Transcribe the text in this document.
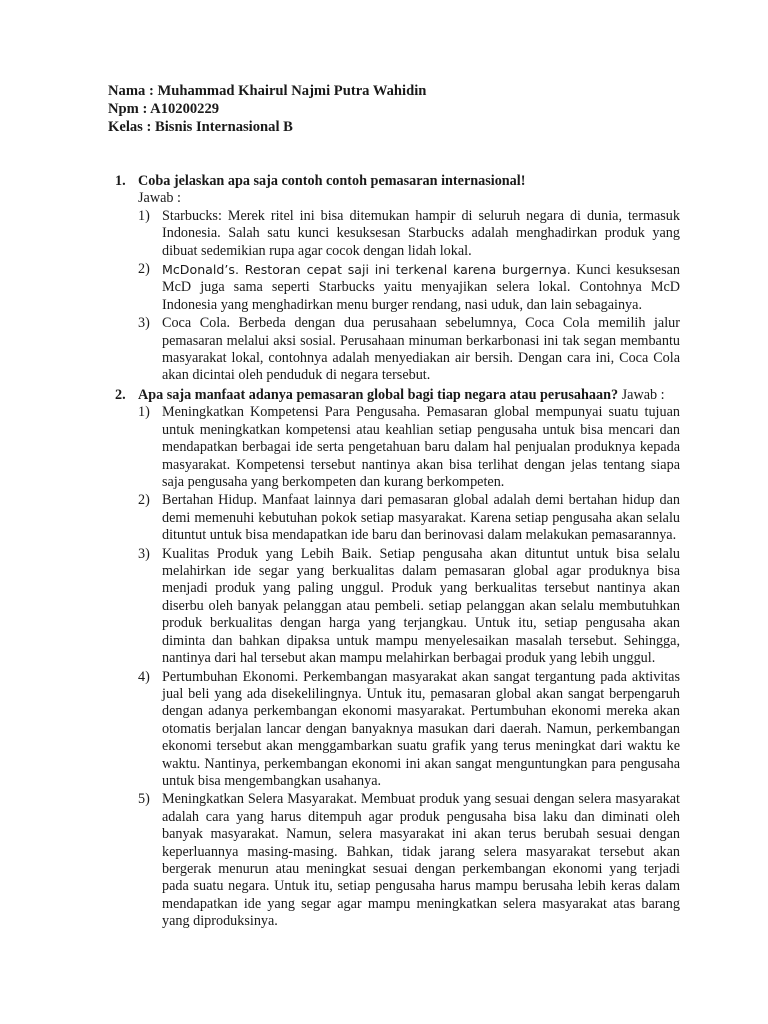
Nama : Muhammad Khairul Najmi Putra Wahidin
Npm : A10200229
Kelas : Bisnis Internasional B
1. Coba jelaskan apa saja contoh contoh pemasaran internasional!
Jawab :
1) Starbucks: Merek ritel ini bisa ditemukan hampir di seluruh negara di dunia, termasuk Indonesia. Salah satu kunci kesuksesan Starbucks adalah menghadirkan produk yang dibuat sedemikian rupa agar cocok dengan lidah lokal.
2) McDonald’s. Restoran cepat saji ini terkenal karena burgernya. Kunci kesuksesan McD juga sama seperti Starbucks yaitu menyajikan selera lokal. Contohnya McD Indonesia yang menghadirkan menu burger rendang, nasi uduk, dan lain sebagainya.
3) Coca Cola. Berbeda dengan dua perusahaan sebelumnya, Coca Cola memilih jalur pemasaran melalui aksi sosial. Perusahaan minuman berkarbonasi ini tak segan membantu masyarakat lokal, contohnya adalah menyediakan air bersih. Dengan cara ini, Coca Cola akan dicintai oleh penduduk di negara tersebut.
2. Apa saja manfaat adanya pemasaran global bagi tiap negara atau perusahaan? Jawab :
1) Meningkatkan Kompetensi Para Pengusaha. Pemasaran global mempunyai suatu tujuan untuk meningkatkan kompetensi atau keahlian setiap pengusaha untuk bisa mencari dan mendapatkan berbagai ide serta pengetahuan baru dalam hal penjualan produknya kepada masyarakat. Kompetensi tersebut nantinya akan bisa terlihat dengan jelas tentang siapa saja pengusaha yang berkompeten dan kurang berkompeten.
2) Bertahan Hidup. Manfaat lainnya dari pemasaran global adalah demi bertahan hidup dan demi memenuhi kebutuhan pokok setiap masyarakat. Karena setiap pengusaha akan selalu dituntut untuk bisa mendapatkan ide baru dan berinovasi dalam melakukan pemasarannya.
3) Kualitas Produk yang Lebih Baik. Setiap pengusaha akan dituntut untuk bisa selalu melahirkan ide segar yang berkualitas dalam pemasaran global agar produknya bisa menjadi produk yang paling unggul. Produk yang berkualitas tersebut nantinya akan diserbu oleh banyak pelanggan atau pembeli. setiap pelanggan akan selalu membutuhkan produk berkualitas dengan harga yang terjangkau. Untuk itu, setiap pengusaha akan diminta dan bahkan dipaksa untuk mampu menyelesaikan masalah tersebut. Sehingga, nantinya dari hal tersebut akan mampu melahirkan berbagai produk yang lebih unggul.
4) Pertumbuhan Ekonomi. Perkembangan masyarakat akan sangat tergantung pada aktivitas jual beli yang ada disekelilingnya. Untuk itu, pemasaran global akan sangat berpengaruh dengan adanya perkembangan ekonomi masyarakat. Pertumbuhan ekonomi mereka akan otomatis berjalan lancar dengan banyaknya masukan dari daerah. Namun, perkembangan ekonomi tersebut akan menggambarkan suatu grafik yang terus meningkat dari waktu ke waktu. Nantinya, perkembangan ekonomi ini akan sangat menguntungkan para pengusaha untuk bisa mengembangkan usahanya.
5) Meningkatkan Selera Masyarakat. Membuat produk yang sesuai dengan selera masyarakat adalah cara yang harus ditempuh agar produk pengusaha bisa laku dan diminati oleh banyak masyarakat. Namun, selera masyarakat ini akan terus berubah sesuai dengan keperluannya masing-masing. Bahkan, tidak jarang selera masyarakat tersebut akan bergerak menurun atau meningkat sesuai dengan perkembangan ekonomi yang terjadi pada suatu negara. Untuk itu, setiap pengusaha harus mampu berusaha lebih keras dalam mendapatkan ide yang segar agar mampu meningkatkan selera masyarakat atas barang yang diproduksinya.
